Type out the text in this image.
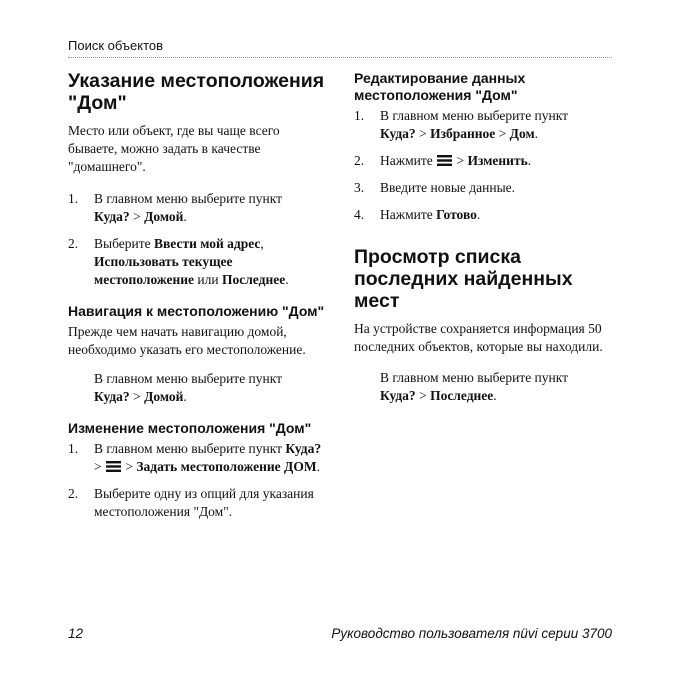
Поиск объектов
Указание местоположения "Дом"

Место или объект, где вы чаще всего бываете, можно задать в качестве "домашнего".

1. В главном меню выберите пункт
Куда? > Домой.
2. Выберите Ввести мой адрес, Использовать текущее местоположение или Последнее.
Навигация к местоположению "Дом"

Прежде чем начать навигацию домой, необходимо указать его местоположение.

В главном меню выберите пункт
Куда? > Домой.

Изменение местоположения "Дом"
1. В главном меню выберите пункт Куда? >
> Задать местоположение ДОМ.
2. Выберите одну из опций для указания местоположения "Дом".
Редактирование данных местоположения "Дом"
1. В главном меню выберите пункт
Куда? > Избранное > Дом.
2. Нажмите
> Изменить.
3. Введите новые данные.
4. Нажмите Готово.
Просмотр списка последних найденных мест

На устройстве сохраняется информация 50 последних объектов, которые вы находили.

В главном меню выберите пункт
Куда? > Последнее.

12	Руководство пользователя nüvi серии 3700
